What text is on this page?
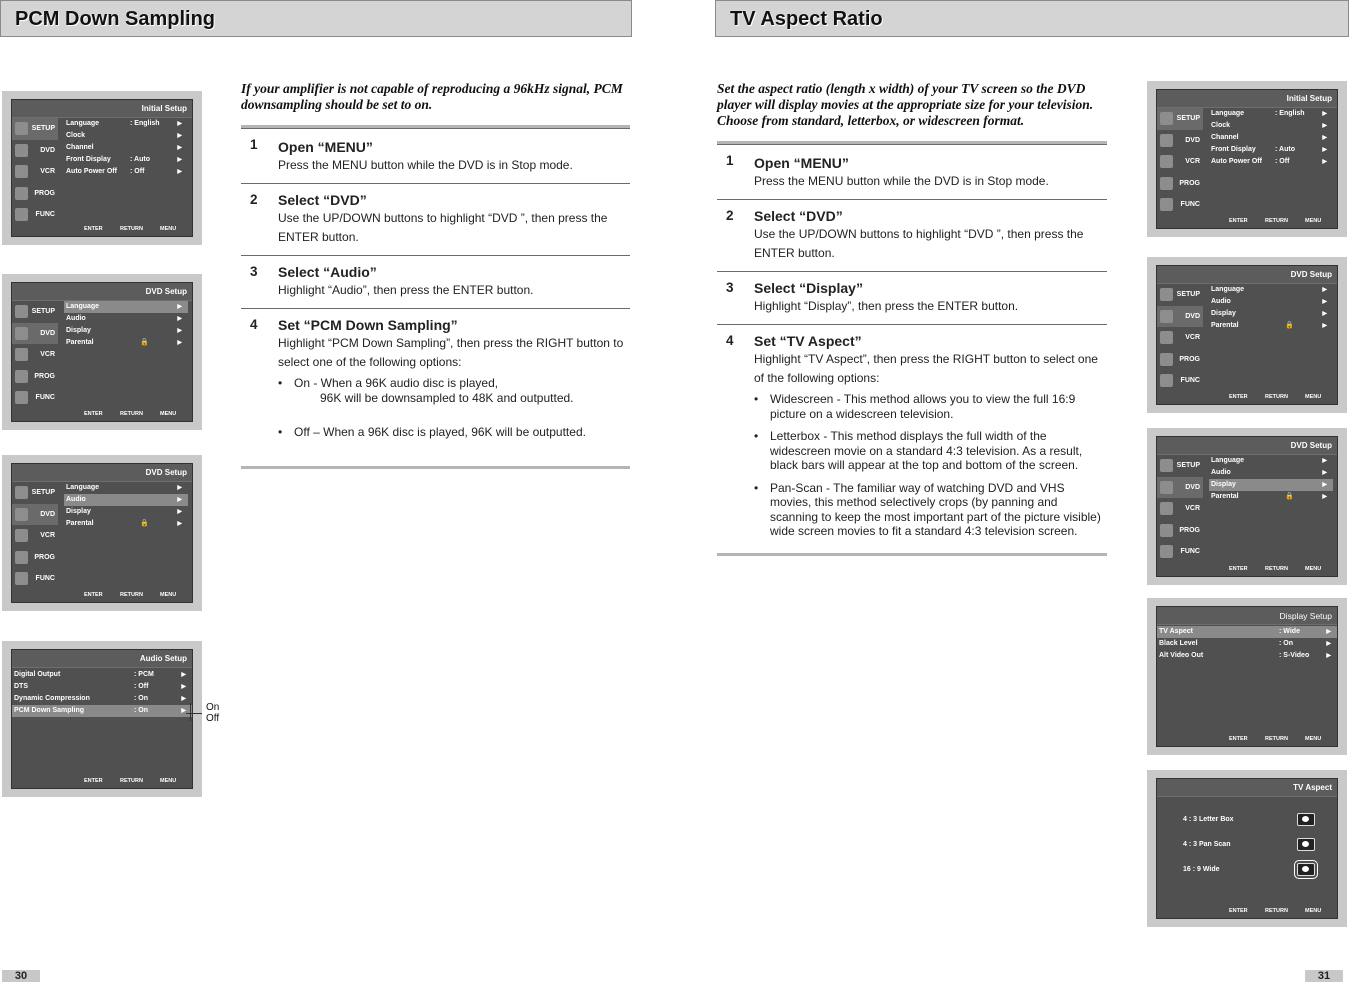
PCM Down Sampling	TV Aspect Ratio
If your amplifier is not capable of reproducing a 96kHz signal, PCM downsampling should be set to on.
1 Open “MENU”
Press the MENU button while the DVD is in Stop mode.
2 Select “DVD”
Use the UP/DOWN buttons to highlight “DVD ”, then press the ENTER button.
3 Select “Audio”
Highlight “Audio”, then press the ENTER button.
4 Set “PCM Down Sampling”
Highlight “PCM Down Sampling”, then press the RIGHT button to select one of the following options:
• On - When a 96K audio disc is played,
96K will be downsampled to 48K and outputted.
• Off – When a 96K disc is played, 96K will be outputted.
Set the aspect ratio (length x width) of your TV screen so the DVD player will display movies at the appropriate size for your television. Choose from standard, letterbox, or widescreen format.
1 Open “MENU”
Press the MENU button while the DVD is in Stop mode.
2 Select “DVD”
Use the UP/DOWN buttons to highlight “DVD ”, then press the ENTER button.
3 Select “Display”
Highlight “Display”, then press the ENTER button.
4 Set “TV Aspect”
Highlight “TV Aspect”, then press the RIGHT button to select one of the following options:
• Widescreen - This method allows you to view the full 16:9 picture on a widescreen television.
• Letterbox - This method displays the full width of the widescreen movie on a standard 4:3 television. As a result, black bars will appear at the top and bottom of the screen.
• Pan-Scan - The familiar way of watching DVD and VHS movies, this method selectively crops (by panning and scanning to keep the most important part of the picture visible) wide screen movies to fit a standard 4:3 television screen.
Initial Setup
SETUP
DVD
VCR
PROG
FUNC
Language	: English	▶
Clock	▶
Channel	▶
Front Display	: Auto	▶
Auto Power Off : Off	▶
ENTER	RETURN	MENU
DVD Setup
SETUP
DVD
VCR
PROG
FUNC
Language	▶
Audio	▶
Display	▶
Parental	🔒	▶
ENTER	RETURN	MENU
DVD Setup
SETUP
DVD
VCR
PROG
FUNC
Language	▶
Audio	▶
Display	▶
Parental	🔒	▶
ENTER	RETURN	MENU
Audio Setup
Digital Output	: PCM	▶
DTS	: Off	▶
Dynamic Compression	: On	▶
PCM Down Sampling	: On	▶
ENTER	RETURN	MENU
On
Off
Initial Setup
SETUP
DVD
VCR
PROG
FUNC
Language	: English	▶
Clock	▶
Channel	▶
Front Display	: Auto	▶
Auto Power Off : Off	▶
ENTER	RETURN	MENU
DVD Setup
SETUP
DVD
VCR
PROG
FUNC
Language	▶
Audio	▶
Display	▶
Parental	🔒	▶
ENTER	RETURN	MENU
DVD Setup
SETUP
DVD
VCR
PROG
FUNC
Language	▶
Audio	▶
Display	▶
Parental	🔒	▶
ENTER	RETURN	MENU
Display Setup
TV Aspect	: Wide	▶
Black Level	: On	▶
Alt Video Out	: S-Video	▶
ENTER	RETURN	MENU
TV Aspect
4 : 3 Letter Box
4 : 3 Pan Scan
16 : 9 Wide
ENTER	RETURN	MENU
30	31
